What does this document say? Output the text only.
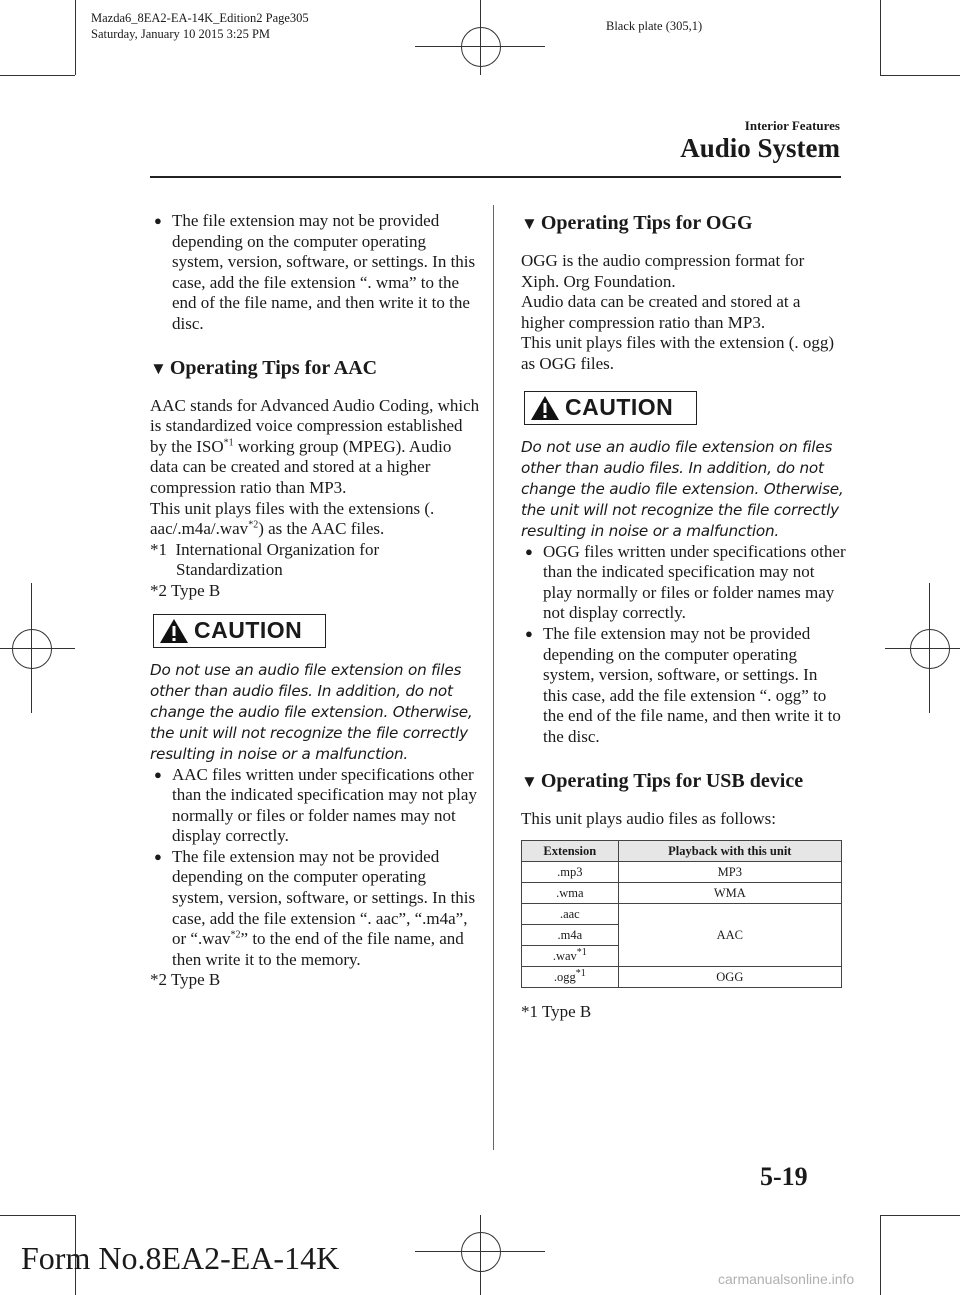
Mazda6_8EA2-EA-14K_Edition2 Page305
Saturday, January 10 2015 3:25 PM
Black plate (305,1)
Interior Features
Audio System

● The file extension may not be provided depending on the computer operating system, version, software, or settings. In this case, add the file extension “. wma” to the end of the file name, and then write it to the disc.

▼ Operating Tips for AAC

AAC stands for Advanced Audio Coding, which is standardized voice compression established by the ISO$^{*1}$ working group (MPEG). Audio data can be created and stored at a higher compression ratio than MP3.

This unit plays files with the extensions (. aac/.m4a/.wav$^{*2}$) as the AAC files.

*1 International Organization for

Standardization

*2 Type B

CAUTION

Do not use an audio file extension on files other than audio files. In addition, do not change the audio file extension. Otherwise, the unit will not recognize the file correctly resulting in noise or a malfunction.

● AAC files written under specifications other than the indicated specification may not play normally or files or folder names may not display correctly.

● The file extension may not be provided depending on the computer operating system, version, software, or settings. In this case, add the file extension “. aac”, “.m4a”, or “.wav$^{*2}$” to the end of the file name, and then write it to the memory.

*2 Type B

▼ Operating Tips for OGG

OGG is the audio compression format for Xiph. Org Foundation.

Audio data can be created and stored at a higher compression ratio than MP3.

This unit plays files with the extension (. ogg) as OGG files.

CAUTION

Do not use an audio file extension on files other than audio files. In addition, do not change the audio file extension. Otherwise, the unit will not recognize the file correctly resulting in noise or a malfunction.

● OGG files written under specifications other than the indicated specification may not play normally or files or folder names may not display correctly.

● The file extension may not be provided depending on the computer operating system, version, software, or settings. In this case, add the file extension “. ogg” to the end of the file name, and then write it to the disc.

▼ Operating Tips for USB device

This unit plays audio files as follows:

Extension	Playback with this unit
.mp3	MP3
.wma	WMA
.aac	AAC
.m4a	
.wav$^{*1}$
.ogg$^{*1}$	OGG

*1 Type B

5-19
Form No.8EA2-EA-14K
carmanualsonline.info
